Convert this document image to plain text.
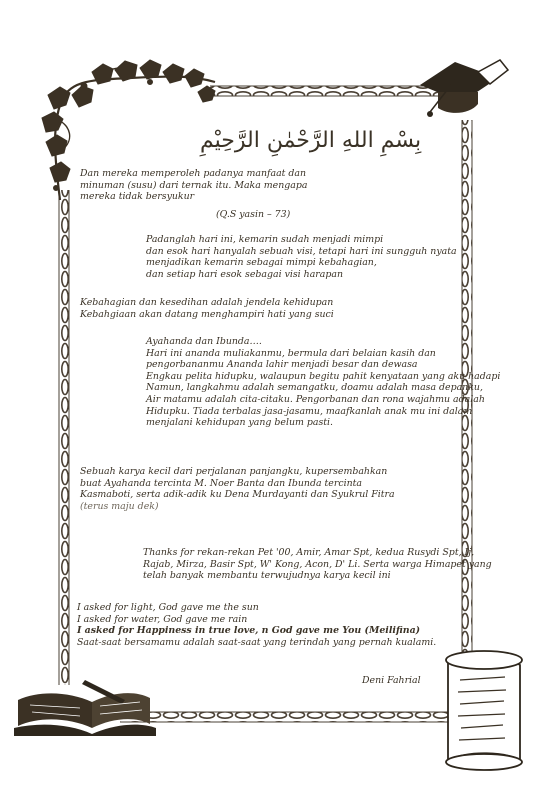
بِسْمِ اللهِ الرَّحْمٰنِ الرَّحِيْمِ
Dan mereka memperoleh padanya manfaat dan
minuman (susu) dari ternak itu. Maka mengapa
mereka tidak bersyukur
(Q.S yasin – 73)
Padanglah hari ini, kemarin sudah menjadi mimpi
dan esok hari hanyalah sebuah visi, tetapi hari ini sungguh nyata
menjadikan kemarin sebagai mimpi kebahagian,
dan setiap hari esok sebagai visi harapan
Kebahagian dan kesedihan adalah jendela kehidupan
Kebahgiaan akan datang menghampiri hati yang suci
Ayahanda dan Ibunda….
Hari ini ananda muliakanmu, bermula dari belaian kasih dan
pengorbananmu Ananda lahir menjadi besar dan dewasa
Engkau pelita hidupku, walaupun begitu pahit kenyataan yang aku hadapi
Namun, langkahmu adalah semangatku, doamu adalah masa depanku,
Air matamu adalah cita-citaku. Pengorbanan dan rona wajahmu adalah
Hidupku. Tiada terbalas jasa-jasamu, maafkanlah anak mu ini dalam
menjalani kehidupan yang belum pasti.
Sebuah karya kecil dari perjalanan panjangku, kupersembahkan
buat Ayahanda tercinta M. Noer Banta dan Ibunda tercinta
Kasmaboti, serta adik-adik ku Dena Murdayanti dan Syukrul Fitra
(terus maju dek)
Thanks for rekan-rekan Pet '00, Amir, Amar Spt, kedua Rusydi Spt, Ij,
Rajab, Mirza, Basir Spt, W' Kong, Acon, D' Li. Serta warga Himapet yang
telah banyak membantu terwujudnya karya kecil ini
I asked for light, God gave me the sun
I asked for water, God gave me rain
I asked for Happiness in true love, n God gave me You (Meilifina)
Saat-saat bersamamu adalah saat-saat yang terindah yang pernah kualami.
Deni Fahrial
